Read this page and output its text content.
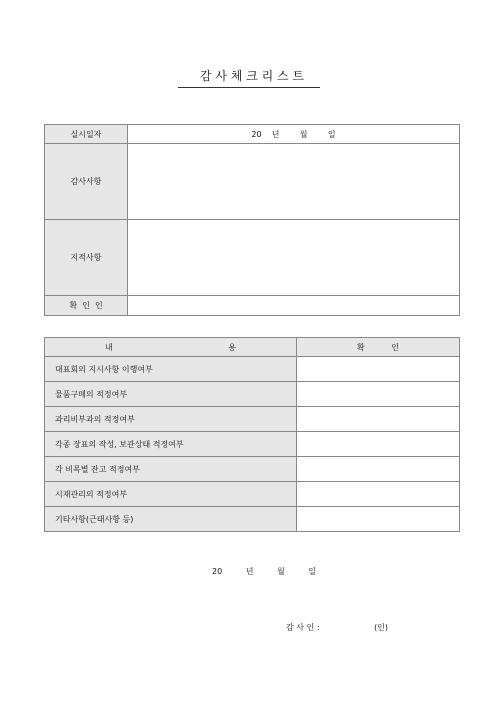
감 사 체 크 리 스 트
실시일자	20    년        월        일
감사사항	
지적사항	
확  인  인	
내 용	확 인

대표회의 지시사항 이행여부	
물품구매의 적정여부	
과리비부과의 적정여부	
각종 장표의 작성, 보관상태 적정여부	
각 비목별 잔고 적정여부	
시재관리의 적정여부	
기타사항(근태사항 등)	
20	년	월	일
감 사 인 :	(인)
